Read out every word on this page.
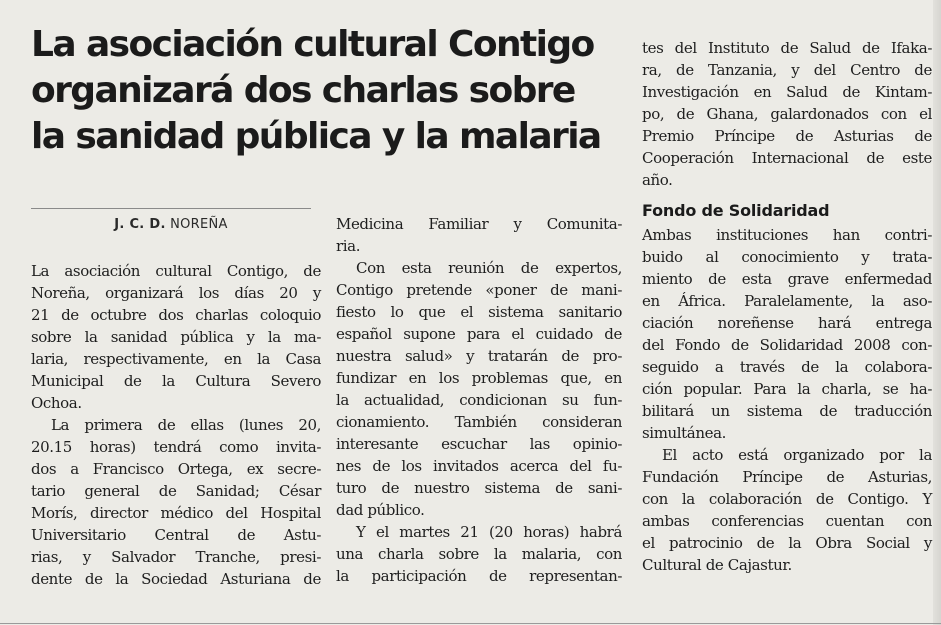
La asociación cultural Contigo
organizará dos charlas sobre
la sanidad pública y la malaria
J. C. D. NOREÑA
La asociación cultural Contigo, de
Noreña, organizará los días 20 y
21 de octubre dos charlas coloquio
sobre la sanidad pública y la ma-
laria, respectivamente, en la Casa
Municipal de la Cultura Severo
Ochoa.
La primera de ellas (lunes 20,
20.15 horas) tendrá como invita-
dos a Francisco Ortega, ex secre-
tario general de Sanidad; César
Morís, director médico del Hospital
Universitario Central de Astu-
rias, y Salvador Tranche, presi-
dente de la Sociedad Asturiana de
Medicina Familiar y Comunita-
ria.
Con esta reunión de expertos,
Contigo pretende «poner de mani-
fiesto lo que el sistema sanitario
español supone para el cuidado de
nuestra salud» y tratarán de pro-
fundizar en los problemas que, en
la actualidad, condicionan su fun-
cionamiento. También consideran
interesante escuchar las opinio-
nes de los invitados acerca del fu-
turo de nuestro sistema de sani-
dad público.
Y el martes 21 (20 horas) habrá
una charla sobre la malaria, con
la participación de representan-
tes del Instituto de Salud de Ifaka-
ra, de Tanzania, y del Centro de
Investigación en Salud de Kintam-
po, de Ghana, galardonados con el
Premio Príncipe de Asturias de
Cooperación Internacional de este
año.
Fondo de Solidaridad
Ambas instituciones han contri-
buido al conocimiento y trata-
miento de esta grave enfermedad
en África. Paralelamente, la aso-
ciación noreñense hará entrega
del Fondo de Solidaridad 2008 con-
seguido a través de la colabora-
ción popular. Para la charla, se ha-
bilitará un sistema de traducción
simultánea.
El acto está organizado por la
Fundación Príncipe de Asturias,
con la colaboración de Contigo. Y
ambas conferencias cuentan con
el patrocinio de la Obra Social y
Cultural de Cajastur.
